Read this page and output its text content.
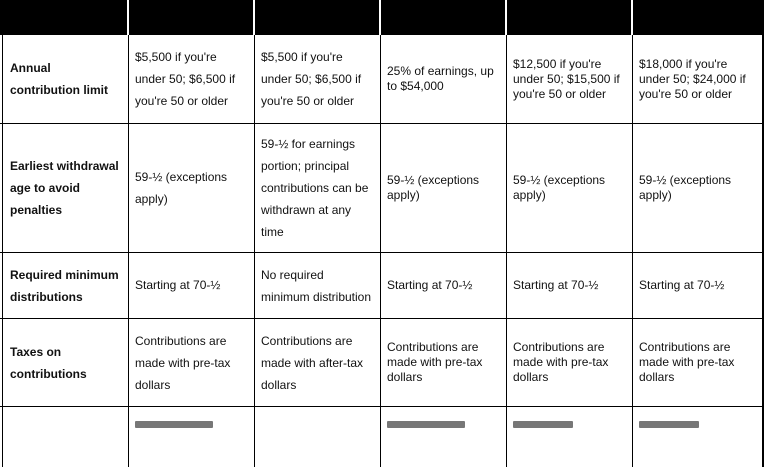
Annual contribution limit
$5,500 if you're under 50; $6,500 if you're 50 or older
$5,500 if you're under 50; $6,500 if you're 50 or older
25% of earnings, up to $54,000
$12,500 if you're under 50; $15,500 if you're 50 or older
$18,000 if you're under 50; $24,000 if you're 50 or older
Earliest withdrawal age to avoid penalties
59-½ (exceptions apply)
59-½ for earnings portion; principal contributions can be withdrawn at any time
59-½ (exceptions apply)
59-½ (exceptions apply)
59-½ (exceptions apply)
Required minimum distributions
Starting at 70-½
No required minimum distribution
Starting at 70-½	Starting at 70-½	Starting at 70-½
Taxes on contributions
Contributions are made with pre-tax dollars
Contributions are made with after-tax dollars
Contributions are made with pre-tax dollars
Contributions are made with pre-tax dollars
Contributions are made with pre-tax dollars
